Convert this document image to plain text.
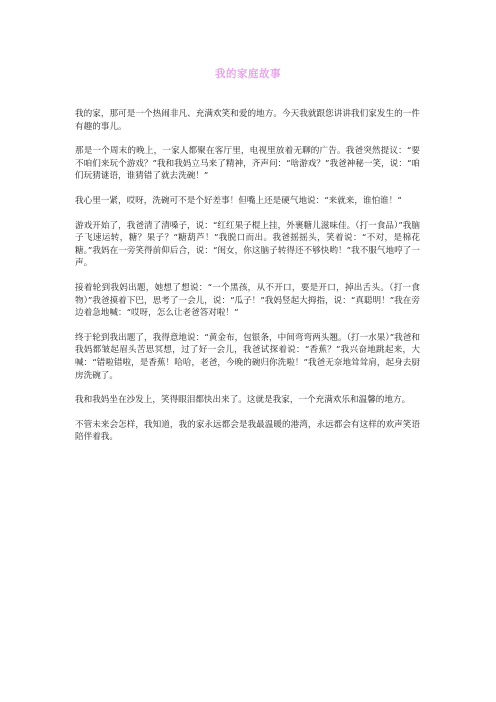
我的家庭故事

我的家，那可是一个热闹非凡、充满欢笑和爱的地方。今天我就跟您讲讲我们家发生的一件有趣的事儿。

那是一个周末的晚上，一家人都聚在客厅里，电视里放着无聊的广告。我爸突然提议：“要不咱们来玩个游戏？”我和我妈立马来了精神，齐声问：“啥游戏？”我爸神秘一笑，说：“咱们玩猜谜语，谁猜错了就去洗碗！”

我心里一紧，哎呀，洗碗可不是个好差事！但嘴上还是硬气地说：“来就来，谁怕谁！”

游戏开始了，我爸清了清嗓子，说：“红红果子棍上挂，外裹糖儿滋味佳。（打一食品）”我脑子飞速运转，糖？果子？“糖葫芦！”我脱口而出。我爸摇摇头，笑着说：“不对，是棉花糖。”我妈在一旁笑得前仰后合，说：“闺女，你这脑子转得还不够快哟！”我不服气地哼了一声。

接着轮到我妈出题，她想了想说：“一个黑孩，从不开口，要是开口，掉出舌头。（打一食物）”我爸摸着下巴，思考了一会儿，说：“瓜子！”我妈竖起大拇指，说：“真聪明！”我在旁边着急地喊：“哎呀，怎么让老爸答对啦！”

终于轮到我出题了，我得意地说：“黄金布，包银条，中间弯弯两头翘。（打一水果）”我爸和我妈都皱起眉头苦思冥想，过了好一会儿，我爸试探着说：“香蕉？”我兴奋地跳起来，大喊：“错啦错啦，是香蕉！哈哈，老爸，今晚的碗归你洗啦！”我爸无奈地耸耸肩，起身去厨房洗碗了。

我和我妈坐在沙发上，笑得眼泪都快出来了。这就是我家，一个充满欢乐和温馨的地方。

不管未来会怎样，我知道，我的家永远都会是我最温暖的港湾，永远都会有这样的欢声笑语陪伴着我。
